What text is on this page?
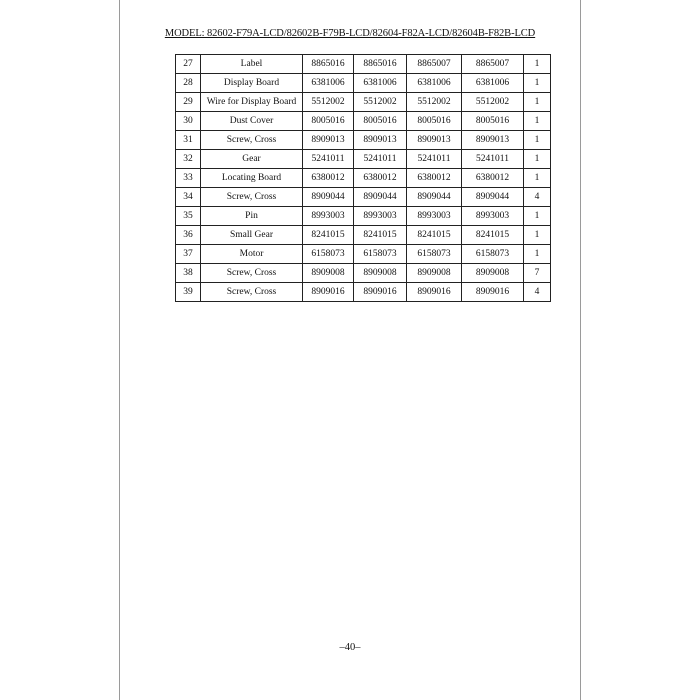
MODEL: 82602-F79A-LCD/82602B-F79B-LCD/82604-F82A-LCD/82604B-F82B-LCD
27	Label	8865016	8865016	8865007	8865007	1
28	Display Board	6381006	6381006	6381006	6381006	1
29	Wire for Display Board	5512002	5512002	5512002	5512002	1
30	Dust Cover	8005016	8005016	8005016	8005016	1
31	Screw, Cross	8909013	8909013	8909013	8909013	1
32	Gear	5241011	5241011	5241011	5241011	1
33	Locating Board	6380012	6380012	6380012	6380012	1
34	Screw, Cross	8909044	8909044	8909044	8909044	4
35	Pin	8993003	8993003	8993003	8993003	1
36	Small Gear	8241015	8241015	8241015	8241015	1
37	Motor	6158073	6158073	6158073	6158073	1
38	Screw, Cross	8909008	8909008	8909008	8909008	7
39	Screw, Cross	8909016	8909016	8909016	8909016	4
–40–
